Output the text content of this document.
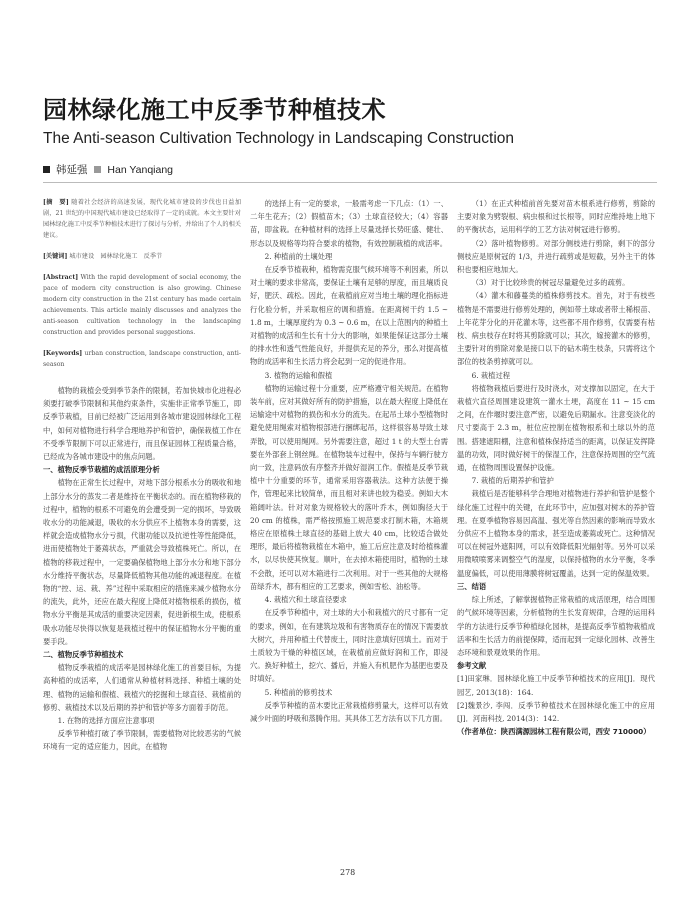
园林绿化施工中反季节种植技术
The Anti-season Cultivation Technology in Landscaping Construction
韩延强 Han Yanqiang

[摘　要] 随着社会经济的高速发展，现代化城市建设的步伐也日益加剧，21 世纪的中国现代城市建设已经取得了一定的成就。本文主要针对园林绿化施工中反季节种植技术进行了探讨与分析，并给出了个人的相关建议。

[关键词] 城市建设　园林绿化施工　反季节

[Abstract] With the rapid development of social economy, the pace of modern city construction is also growing. Chinese modern city construction in the 21st century has made certain achievements. This article mainly discusses and analyzes the anti-season cultivation technology in the landscaping construction and provides personal suggestions.

[Keywords] urban construction, landscape construction, anti-season

植物的栽植会受到季节条件的限制，若加快城市化进程必须要打破季节限制和其他约束条件，实施非正常季节施工，即反季节栽植，目前已经被广泛运用到各城市建设园林绿化工程中，如何对植物进行科学合理地养护和管护，确保栽植工作在不受季节限制下可以正常进行，而且保证园林工程质量合格，已经成为各城市建设中的焦点问题。

一、植物反季节栽植的成活原理分析

植物在正常生长过程中，对地下部分根系水分的吸收和地上部分水分的蒸发二者是维持在平衡状态的。而在植物移栽的过程中，植物的根系不可避免的会遭受到一定的损坏，导致吸收水分的功能减退，吸收的水分供应不上植物本身的需要，这样就会造成植物水分亏损，代谢功能以及抗逆性等性能降低，进而使植物处于萎蔫状态，严重就会导致植株死亡。所以，在植物的移栽过程中，一定要确保植物地上部分水分和地下部分水分维持平衡状态，尽量降低植物其他功能的减退程度。在植物的“控、运、栽、养”过程中采取相应的措施来减少植物水分的流失，此外，还应在最大程度上降低对植物根系的损伤，植物水分平衡是其成活的重要决定因素，促进新根生成，使根系吸水功能尽快得以恢复是栽植过程中的保证植物水分平衡的重要手段。

二、植物反季节种植技术

植物反季栽植的成活率是园林绿化施工的首要目标，为提高种植的成活率，人们通常从种植材料选择、种植土壤的处理、植物的运输和假植、栽植穴的挖掘和土球直径、栽植前的修剪、栽植技术以及后期的养护和管护等多方面着手防范。

1. 在物的选择方面应注意事项

反季节种植打破了季节限制，需要植物对比较恶劣的气候环境有一定的适应能力，因此，在植物

的选择上有一定的要求，一般需考虑一下几点：（1）一、二年生花卉；（2）假植苗木；（3）土球直径较大；（4）容器苗，即盆栽。在种植材料的选择上尽量选择长势旺盛、健壮、形态以及规格等均符合要求的植物，有效控制栽植的成活率。

2. 种植前的土壤处理

在反季节植栽种，植物需克服气候环境等不利因素，所以对土壤的要求非常高，要保证土壤有足够的厚度，而且壤质良好，肥沃、疏松。因此，在栽植前应对当地土壤的理化指标进行化验分析，并采取相应的调和措施。在距离树干约 1.5 ~ 1.8 m，土壤厚度约为 0.3 ~ 0.6 m，在以上范围内的种植土对植物的成活和生长有十分大的影响，如果能保证这部分土壤的排水性和透气性能良好，并提供充足的养分，那么对提高植物的成活率和生长活力将会起到一定的促进作用。

3. 植物的运输和假植

植物的运输过程十分重要，应严格遵守相关规范。在植物装车前，应对其做好所有的防护措施，以在最大程度上降低在运输途中对植物的损伤和水分的流失。在起吊土球小型植物时避免使用绳索对植物根部进行捆绑起吊，这样很容易导致土球弄散，可以使用绳网。另外需要注意，超过 1 t 的大型土台需要在外部套上钢丝绳。在植物装车过程中，保持与车辆行驶方向一致，注意码放有序整齐并做好湿润工作。假植是反季节栽植中十分重要的环节，通常采用容器栽法。这种方法便于操作，管理起来比较简单，而且相对来讲也较为稳妥。例如大木箱阔叶法。针对对象为规格较大的落叶乔木，例如胸径大于 20 cm 的植株，需严格按照施工规范要求打制木箱，木箱规格应在原植株土球直径的基础上放大 40 cm，比较适合做处理形，最后将植物栽植在木箱中，施工后应注意及时给植株灌水，以尽快使其恢复。顺叶，在去掉木箱使用时，植物的土球不会散，还可以对木箱进行二次利用。对于一些其他的大规格苗绿乔木，都有相应的工艺要求，例如雪松、油松等。

4. 栽植穴和土球直径要求

在反季节种植中，对土球的大小和栽植穴的尺寸都有一定的要求，例如，在有建筑垃圾和有害物质存在的情况下需要放大树穴，并用种植土代替废土，同时注意填好回填土。而对于土质较为干燥的种植区域，在栽植前应做好润和工作，即浸穴。换好种植土，挖穴、播后，并施入有机肥作为基肥也要及时填好。

5. 种植前的修剪技术

反季节种植的苗木要比正常栽植修剪量大，这样可以有效减少叶面的呼吸和蒸腾作用。其具体工艺方法有以下几方面。

（1）在正式种植前首先要对苗木根系进行修剪，剪除的主要对象为劈裂根、病虫根和过长根等，同时应维持地上地下的平衡状态，运用科学的工艺方法对树冠进行修剪。

（2）落叶植物修剪。对部分侧枝进行剪除，剩下的部分侧枝应是原树冠的 1/3，并进行疏剪或是短截，另外主干的体积也要相应地加大。

（3）对于比较珍贵的树冠尽量避免过多的疏剪。

（4）灌木和藤蔓类的植株修剪技术。首先，对于有枝些植物是不需要进行修剪处理的，例如带土球或者带土稀根苗、上年花芽分化的开花灌木等，这些都不用作修剪，仅需要有枯枝、病虫枝存在时将其剪除就可以；其次，嫁接灌木的修剪，主要针对的剪除对象是接口以下的砧木萌生枝条，只需将这个部位的枝条剪掉就可以。

6. 栽植过程

将植物栽植后要进行及时浇水，对支撑加以固定，在大于栽植穴直径周围建设建筑一灌水土埂，高度在 11 ~ 15 cm 之间，在作堰时要注意严密，以避免后期漏水。注意变淡化的尺寸要高于 2.3 m，桩位应控制在植物根系和土球以外的范围。搭建遮阳棚，注意和植株保持适当的距离，以保证发挥降温的功效，同时做好树干的保湿工作，注意保持周围的空气流通，在植物周围设置保护设施。

7. 栽植的后期养护和管护

栽植后是否能够科学合理地对植物进行养护和管护是整个绿化施工过程中的关键，在此环节中，应加强对树木的养护管理。在夏季植物容易因高温、强光等自然因素的影响而导致水分供应不上植物本身的需求，甚至造成萎蔫或死亡。这种情况可以在树冠外遮阳网，可以有效降低阳光辐射等。另外可以采用微喷喷雾来调整空气的湿度，以保持植物的水分平衡，冬季温度偏低，可以使用薄膜将树冠覆盖，达到一定的保温效果。

三、结语

综上所述，了解掌握植物正常栽植的成活原理，结合周围的气候环境等因素，分析植物的生长发育规律，合理的运用科学的方法进行反季节种植绿化园林，是提高反季节植物栽植成活率和生长活力的前提保障，适而起到一定绿化园林、改善生态环境和景观效果的作用。

参考文献

[1]田家琳．园林绿化施工中反季节种植技术的应用[J]．现代园艺, 2013(18)：164.

[2]魏景沙, 李闯．反季节种植技术在园林绿化施工中的应用[J]．河南科技, 2014(3)：142.

（作者单位：陕西满源园林工程有限公司，西安 710000）

278
